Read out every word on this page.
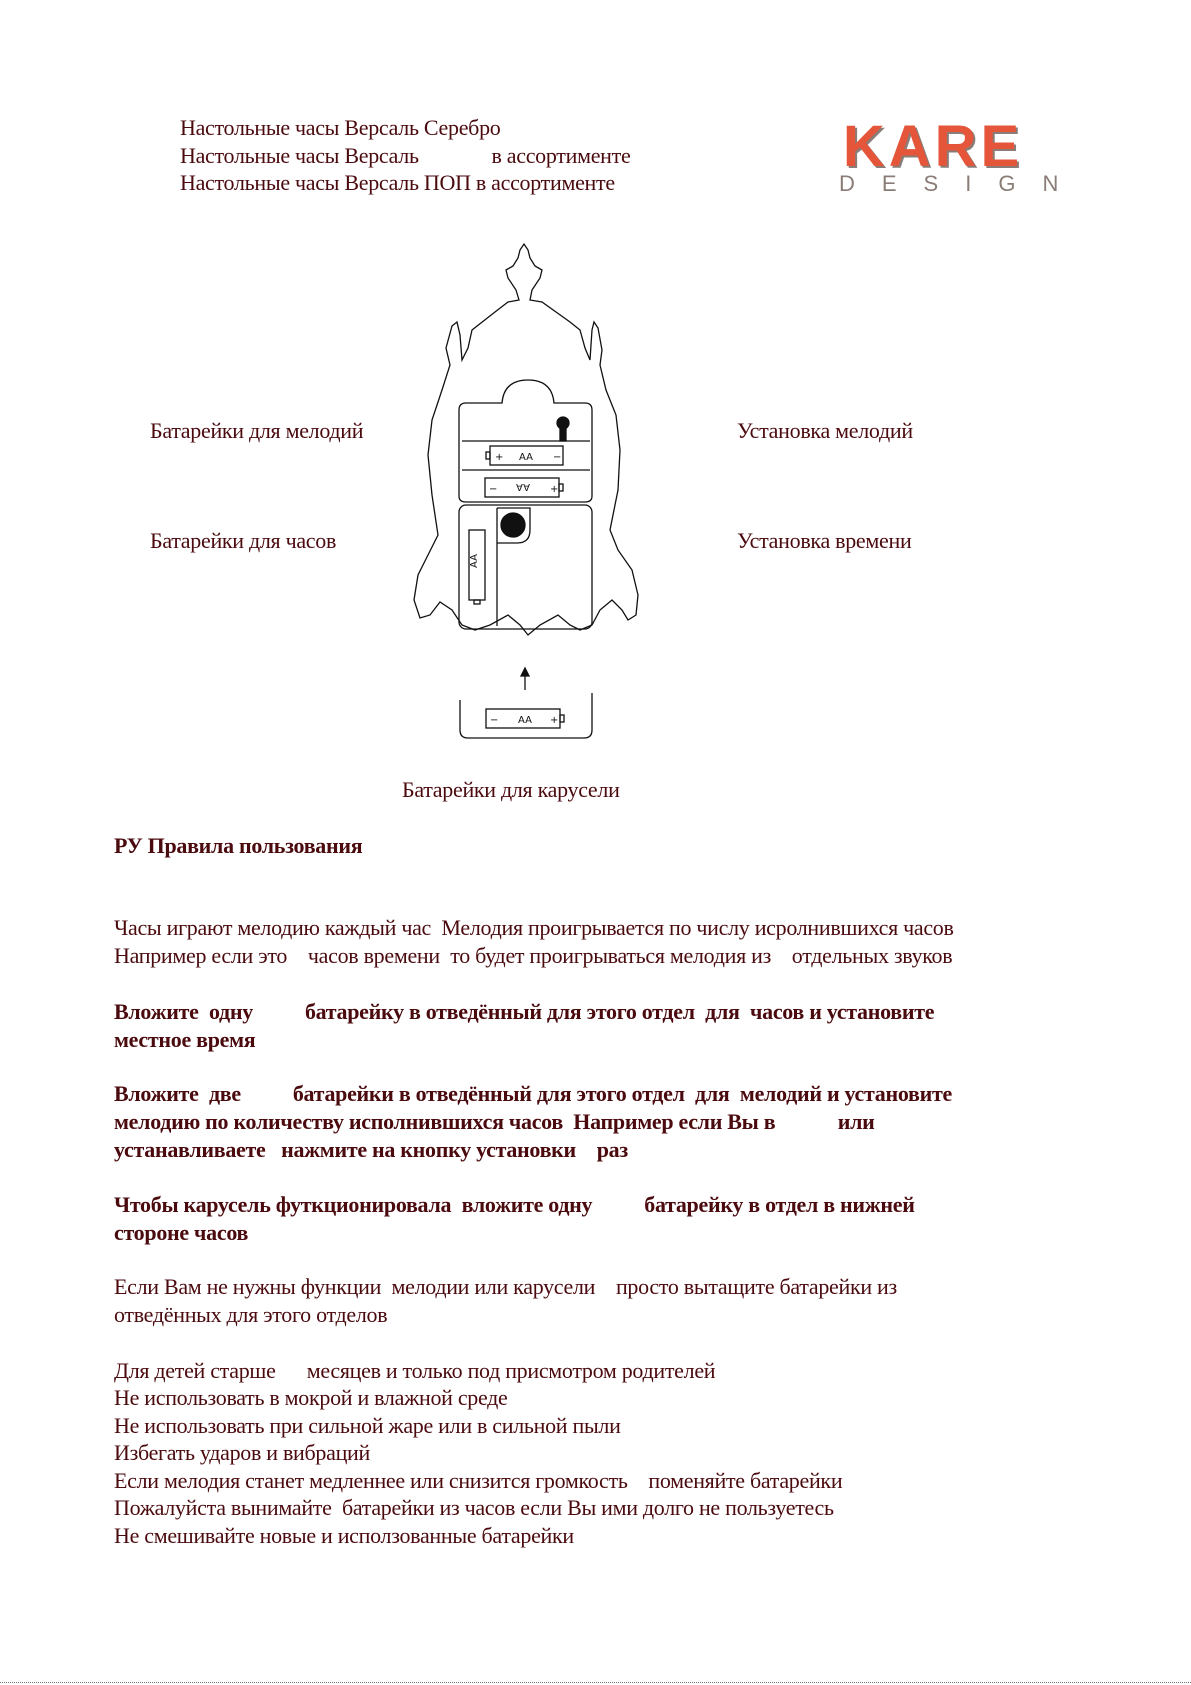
Настольные часы Версаль Серебро
Настольные часы Версаль              в ассортименте
Настольные часы Версаль ПОП в ассортименте
KARE
DESIGN
Батарейки для мелодий
Батарейки для часов
Установка мелодий
Установка времени
Батарейки для карусели
AA
+	−
AA
−	+
AA
AA
−	+
РУ Правила пользования
Часы играют мелодию каждый час  Мелодия проигрывается по числу исролнившихся часов
Например если это    часов времени  то будет проигрываться мелодия из    отдельных звуков
Вложите  одну          батарейку в отведённый для этого отдел  для  часов и установите
местное время
Вложите  две          батарейки в отведённый для этого отдел  для  мелодий и установите
мелодию по количеству исполнившихся часов  Например если Вы в            или
устанавливаете   нажмите на кнопку установки    раз
Чтобы карусель футкционировала  вложите одну          батарейку в отдел в нижней
стороне часов
Если Вам не нужны функции  мелодии или карусели    просто вытащите батарейки из
отведённых для этого отделов
Для детей старше      месяцев и только под присмотром родителей
Не использовать в мокрой и влажной среде
Не использовать при сильной жаре или в сильной пыли
Избегать ударов и вибраций
Если мелодия станет медленнее или снизится громкость    поменяйте батарейки
Пожалуйста вынимайте  батарейки из часов если Вы ими долго не пользуетесь
Не смешивайте новые и исползованные батарейки
